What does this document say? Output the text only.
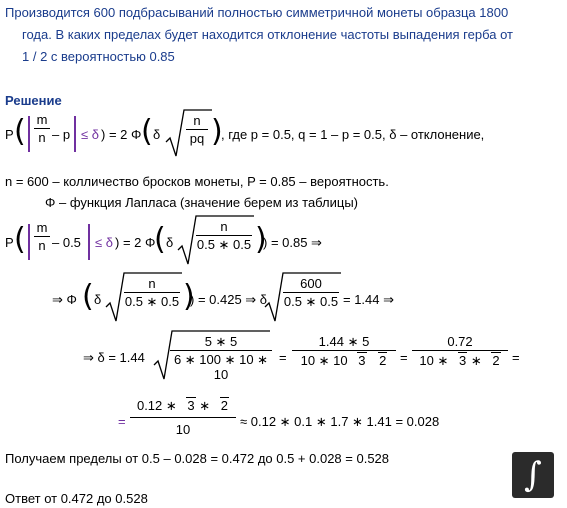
Производится 600 подбрасываний полностью симметричной монеты образца 1800
года. В каких пределах будет находится отклонение частоты выпадения герба от
1 / 2 с вероятностью 0.85
Решение
P ( m
n – p ≤ δ ) = 2 Φ ( δ
n
pq )
, где p = 0.5, q = 1 – p = 0.5, δ – отклонение,
n = 600 – колличество бросков монеты, P = 0.85 – вероятность.
Φ – функция Лапласа (значение берем из таблицы)
P ( m
n – 0.5 ≤ δ ) = 2 Φ
( δ
n
0.5 ∗ 0.5 )
) = 0.85 ⇒
⇒ Φ ( δ
n
0.5 ∗ 0.5 )
) = 0.425 ⇒ δ
600
0.5 ∗ 0.5 = 1.44 ⇒
⇒ δ = 1.44
5 ∗ 5
6 ∗ 100 ∗ 10 ∗ 10
=
1.44 ∗ 5
10 ∗ 10 3 2	=
0.72
10 ∗ 3 ∗ 2 =
=
0.12 ∗ 3 ∗ 2
10
≈ 0.12 ∗ 0.1 ∗ 1.7 ∗ 1.41 = 0.028
Получаем пределы от 0.5 – 0.028 = 0.472 до 0.5 + 0.028 = 0.528
Ответ от 0.472 до 0.528
∫
